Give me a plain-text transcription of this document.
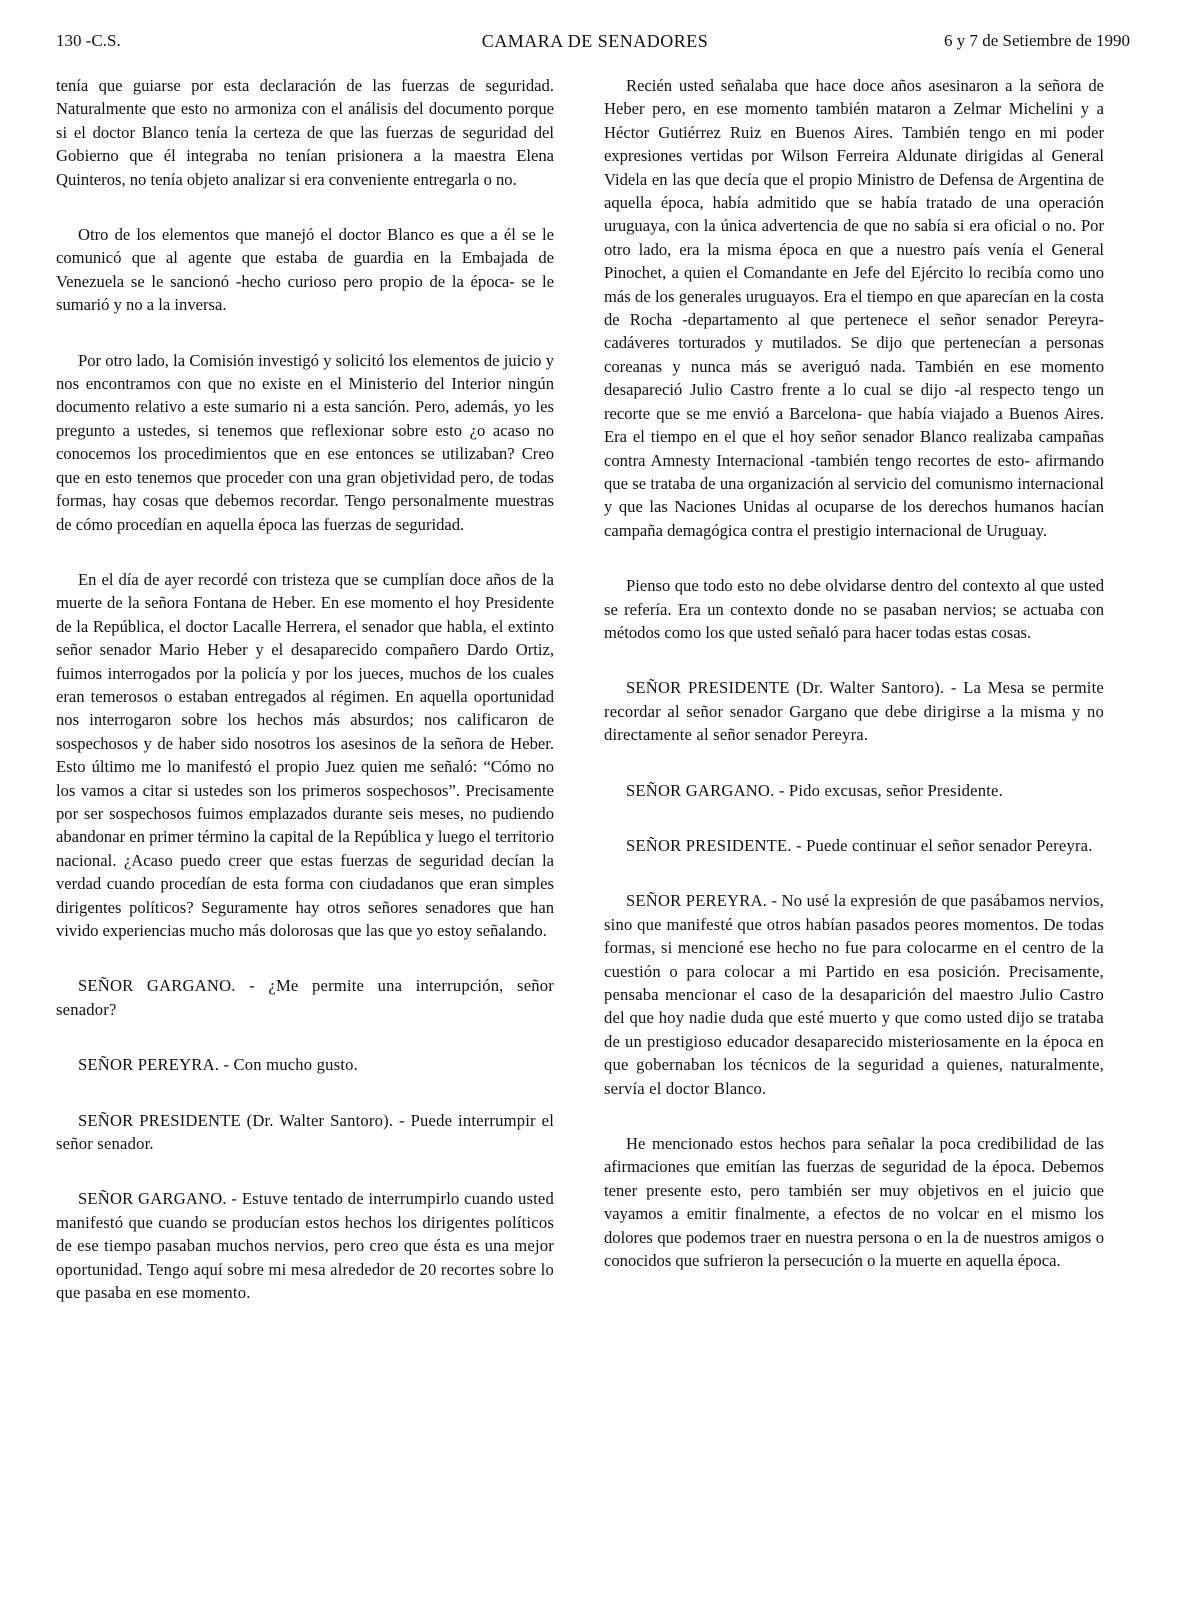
130 -C.S.	CAMARA DE SENADORES	6 y 7 de Setiembre de 1990

tenía que guiarse por esta declaración de las fuerzas de seguridad. Naturalmente que esto no armoniza con el análisis del documento porque si el doctor Blanco tenía la certeza de que las fuerzas de seguridad del Gobierno que él integraba no tenían prisionera a la maestra Elena Quinteros, no tenía objeto analizar si era conveniente entregarla o no.

Otro de los elementos que manejó el doctor Blanco es que a él se le comunicó que al agente que estaba de guardia en la Embajada de Venezuela se le sancionó -hecho curioso pero propio de la época- se le sumarió y no a la inversa.

Por otro lado, la Comisión investigó y solicitó los elementos de juicio y nos encontramos con que no existe en el Ministerio del Interior ningún documento relativo a este sumario ni a esta sanción. Pero, además, yo les pregunto a ustedes, si tenemos que reflexionar sobre esto ¿o acaso no conocemos los procedimientos que en ese entonces se utilizaban? Creo que en esto tenemos que proceder con una gran objetividad pero, de todas formas, hay cosas que debemos recordar. Tengo personalmente muestras de cómo procedían en aquella época las fuerzas de seguridad.

En el día de ayer recordé con tristeza que se cumplían doce años de la muerte de la señora Fontana de Heber. En ese momento el hoy Presidente de la República, el doctor Lacalle Herrera, el senador que habla, el extinto señor senador Mario Heber y el desaparecido compañero Dardo Ortiz, fuimos interrogados por la policía y por los jueces, muchos de los cuales eran temerosos o estaban entregados al régimen. En aquella oportunidad nos interrogaron sobre los hechos más absurdos; nos calificaron de sospechosos y de haber sido nosotros los asesinos de la señora de Heber. Esto último me lo manifestó el propio Juez quien me señaló: “Cómo no los vamos a citar si ustedes son los primeros sospechosos”. Precisamente por ser sospechosos fuimos emplazados durante seis meses, no pudiendo abandonar en primer término la capital de la República y luego el territorio nacional. ¿Acaso puedo creer que estas fuerzas de seguridad decían la verdad cuando procedían de esta forma con ciudadanos que eran simples dirigentes políticos? Seguramente hay otros señores senadores que han vivido experiencias mucho más dolorosas que las que yo estoy señalando.

SEÑOR GARGANO. - ¿Me permite una interrupción, señor senador?

SEÑOR PEREYRA. - Con mucho gusto.

SEÑOR PRESIDENTE (Dr. Walter Santoro). - Puede interrumpir el señor senador.

SEÑOR GARGANO. - Estuve tentado de interrumpirlo cuando usted manifestó que cuando se producían estos hechos los dirigentes políticos de ese tiempo pasaban muchos nervios, pero creo que ésta es una mejor oportunidad. Tengo aquí sobre mi mesa alrededor de 20 recortes sobre lo que pasaba en ese momento.

Recién usted señalaba que hace doce años asesinaron a la señora de Heber pero, en ese momento también mataron a Zelmar Michelini y a Héctor Gutiérrez Ruiz en Buenos Aires. También tengo en mi poder expresiones vertidas por Wilson Ferreira Aldunate dirigidas al General Videla en las que decía que el propio Ministro de Defensa de Argentina de aquella época, había admitido que se había tratado de una operación uruguaya, con la única advertencia de que no sabía si era oficial o no. Por otro lado, era la misma época en que a nuestro país venía el General Pinochet, a quien el Comandante en Jefe del Ejército lo recibía como uno más de los generales uruguayos. Era el tiempo en que aparecían en la costa de Rocha -departamento al que pertenece el señor senador Pereyra- cadáveres torturados y mutilados. Se dijo que pertenecían a personas coreanas y nunca más se averiguó nada. También en ese momento desapareció Julio Castro frente a lo cual se dijo -al respecto tengo un recorte que se me envió a Barcelona- que había viajado a Buenos Aires. Era el tiempo en el que el hoy señor senador Blanco realizaba campañas contra Amnesty Internacional -también tengo recortes de esto- afirmando que se trataba de una organización al servicio del comunismo internacional y que las Naciones Unidas al ocuparse de los derechos humanos hacían campaña demagógica contra el prestigio internacional de Uruguay.

Pienso que todo esto no debe olvidarse dentro del contexto al que usted se refería. Era un contexto donde no se pasaban nervios; se actuaba con métodos como los que usted señaló para hacer todas estas cosas.

SEÑOR PRESIDENTE (Dr. Walter Santoro). - La Mesa se permite recordar al señor senador Gargano que debe dirigirse a la misma y no directamente al señor senador Pereyra.

SEÑOR GARGANO. - Pido excusas, señor Presidente.

SEÑOR PRESIDENTE. - Puede continuar el señor senador Pereyra.

SEÑOR PEREYRA. - No usé la expresión de que pasábamos nervios, sino que manifesté que otros habían pasados peores momentos. De todas formas, si mencioné ese hecho no fue para colocarme en el centro de la cuestión o para colocar a mi Partido en esa posición. Precisamente, pensaba mencionar el caso de la desaparición del maestro Julio Castro del que hoy nadie duda que esté muerto y que como usted dijo se trataba de un prestigioso educador desaparecido misteriosamente en la época en que gobernaban los técnicos de la seguridad a quienes, naturalmente, servía el doctor Blanco.

He mencionado estos hechos para señalar la poca credibilidad de las afirmaciones que emitían las fuerzas de seguridad de la época. Debemos tener presente esto, pero también ser muy objetivos en el juicio que vayamos a emitir finalmente, a efectos de no volcar en el mismo los dolores que podemos traer en nuestra persona o en la de nuestros amigos o conocidos que sufrieron la persecución o la muerte en aquella época.
